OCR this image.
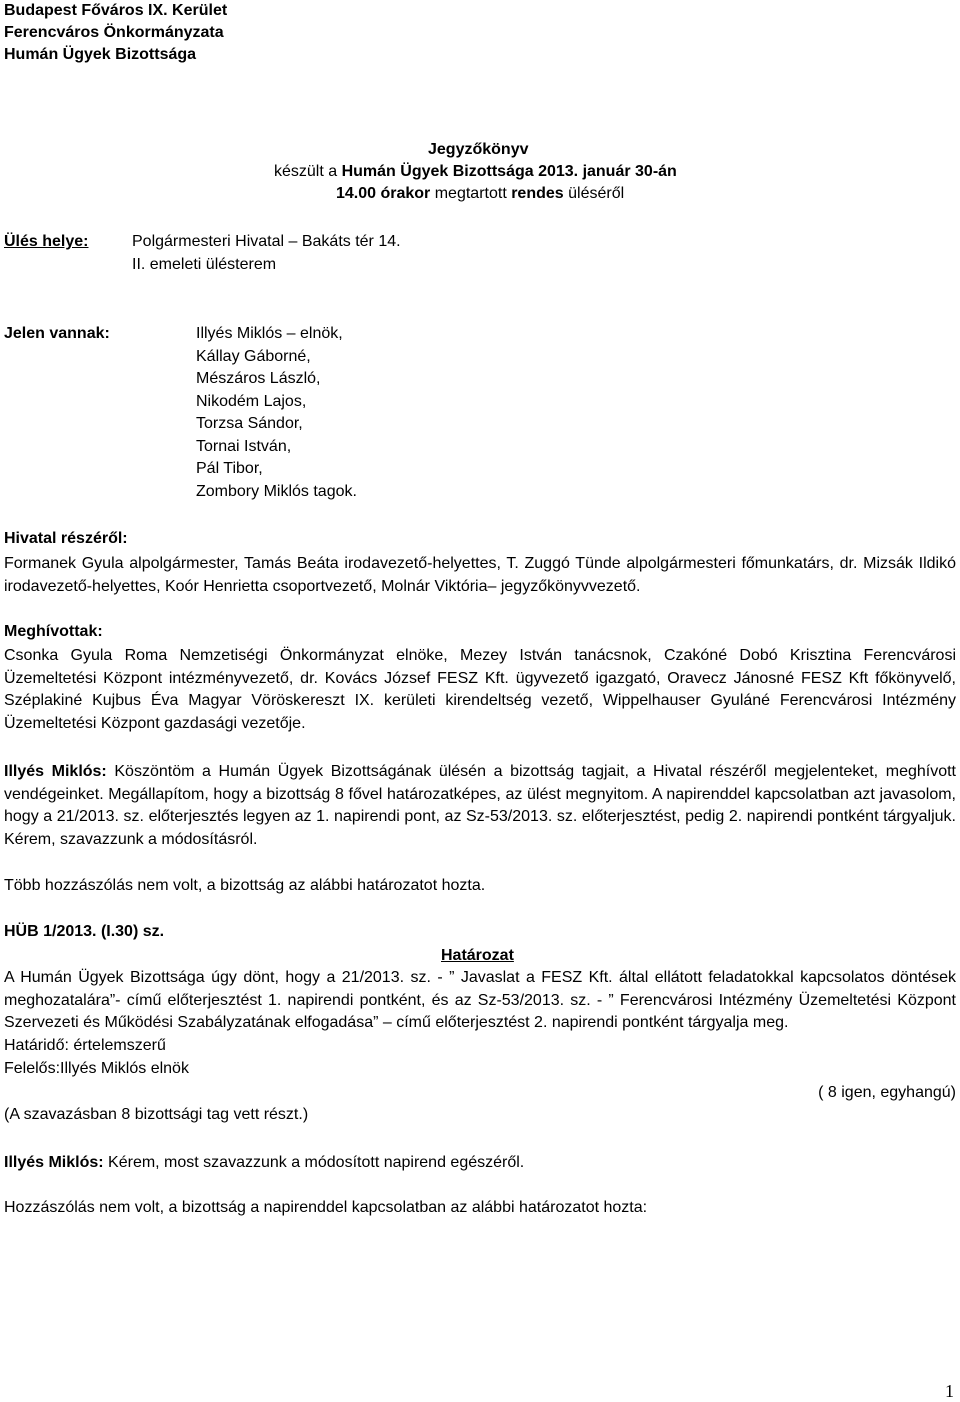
Budapest Főváros IX. Kerület
Ferencváros Önkormányzata
Humán Ügyek Bizottsága
Jegyzőkönyv
készült a Humán Ügyek Bizottsága 2013. január 30-án
14.00 órakor megtartott rendes üléséről
Ülés helye:	Polgármesteri Hivatal – Bakáts tér 14.
II. emeleti ülésterem
Jelen vannak:	Illyés Miklós – elnök,
Kállay Gáborné,
Mészáros László,
Nikodém Lajos,
Torzsa Sándor,
Tornai István,
Pál Tibor,
Zombory Miklós tagok.
Hivatal részéről:
Formanek Gyula alpolgármester, Tamás Beáta irodavezető-helyettes, T. Zuggó Tünde alpolgármesteri főmunkatárs, dr. Mizsák Ildikó irodavezető-helyettes, Koór Henrietta csoportvezető, Molnár Viktória– jegyzőkönyvvezető.
Meghívottak:
Csonka Gyula Roma Nemzetiségi Önkormányzat elnöke, Mezey István tanácsnok, Czakóné Dobó Krisztina Ferencvárosi Üzemeltetési Központ intézményvezető, dr. Kovács József FESZ Kft. ügyvezető igazgató, Oravecz Jánosné FESZ Kft főkönyvelő, Széplakiné Kujbus Éva Magyar Vöröskereszt IX. kerületi kirendeltség vezető, Wippelhauser Gyuláné Ferencvárosi Intézmény Üzemeltetési Központ gazdasági vezetője.
Illyés Miklós: Köszöntöm a Humán Ügyek Bizottságának ülésén a bizottság tagjait, a Hivatal részéről megjelenteket, meghívott vendégeinket. Megállapítom, hogy a bizottság 8 fővel határozatképes, az ülést megnyitom. A napirenddel kapcsolatban azt javasolom, hogy a 21/2013. sz. előterjesztés legyen az 1. napirendi pont, az Sz-53/2013. sz. előterjesztést, pedig 2. napirendi pontként tárgyaljuk. Kérem, szavazzunk a módosításról.
Több hozzászólás nem volt, a bizottság az alábbi határozatot hozta.
HÜB 1/2013. (I.30) sz.
Határozat
A Humán Ügyek Bizottsága úgy dönt, hogy a 21/2013. sz. - ” Javaslat a FESZ Kft. által ellátott feladatokkal kapcsolatos döntések meghozatalára”- című előterjesztést 1. napirendi pontként, és az Sz-53/2013. sz. - ” Ferencvárosi Intézmény Üzemeltetési Központ Szervezeti és Működési Szabályzatának elfogadása” – című előterjesztést 2. napirendi pontként tárgyalja meg.
Határidő: értelemszerű
Felelős:Illyés Miklós elnök
( 8 igen, egyhangú)
(A szavazásban 8 bizottsági tag vett részt.)
Illyés Miklós: Kérem, most szavazzunk a módosított napirend egészéről.
Hozzászólás nem volt, a bizottság a napirenddel kapcsolatban az alábbi határozatot hozta:
1
